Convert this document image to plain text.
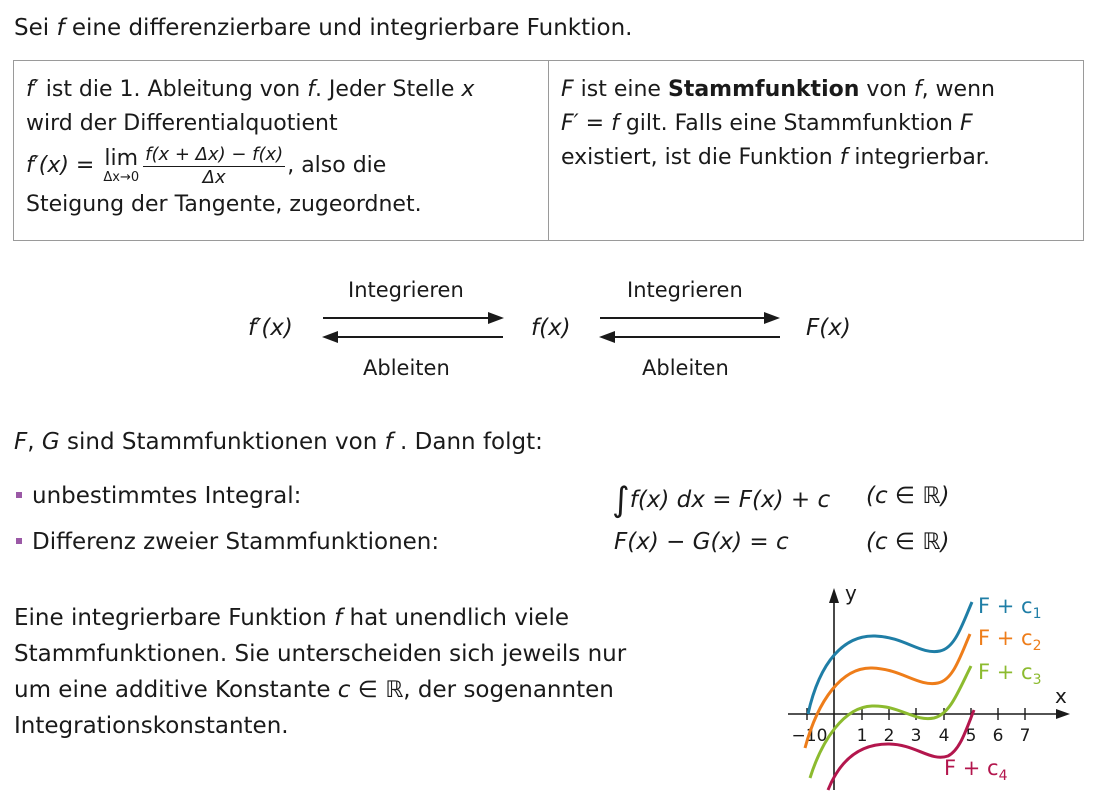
Sei f eine differenzierbare und integrierbare Funktion.
f′ ist die 1. Ableitung von f. Jeder Stelle x
wird der Differentialquotient
f′(x) = lim
$\Delta x\to 0 \frac{f(x + \Delta x) - f(x)}{\Delta x}$ , also die
Steigung der Tangente, zugeordnet.

F ist eine Stammfunktion von f, wenn
F′ = f gilt. Falls eine Stammfunktion F
existiert, ist die Funktion f integrierbar.
f′(x)	f(x)	F(x)
Integrieren	Integrieren
Ableiten	Ableiten
F, G sind Stammfunktionen von f . Dann folgt:
unbestimmtes Integral:	∫f(x) dx = F(x) + c (c ∈ ℝ)
Differenz zweier Stammfunktionen:	F(x) − G(x) = c	(c ∈ ℝ)
Eine integrierbare Funktion f hat unendlich viele
Stammfunktionen. Sie unterscheiden sich jeweils nur
um eine additive Konstante c ∈ ℝ, der sogenannten
Integrationskonstanten.
y
x
−1 0 1 2 3 4 5 6 7
$F + c_1$
$F + c_2$
$F + c_3$
$F + c_4$
